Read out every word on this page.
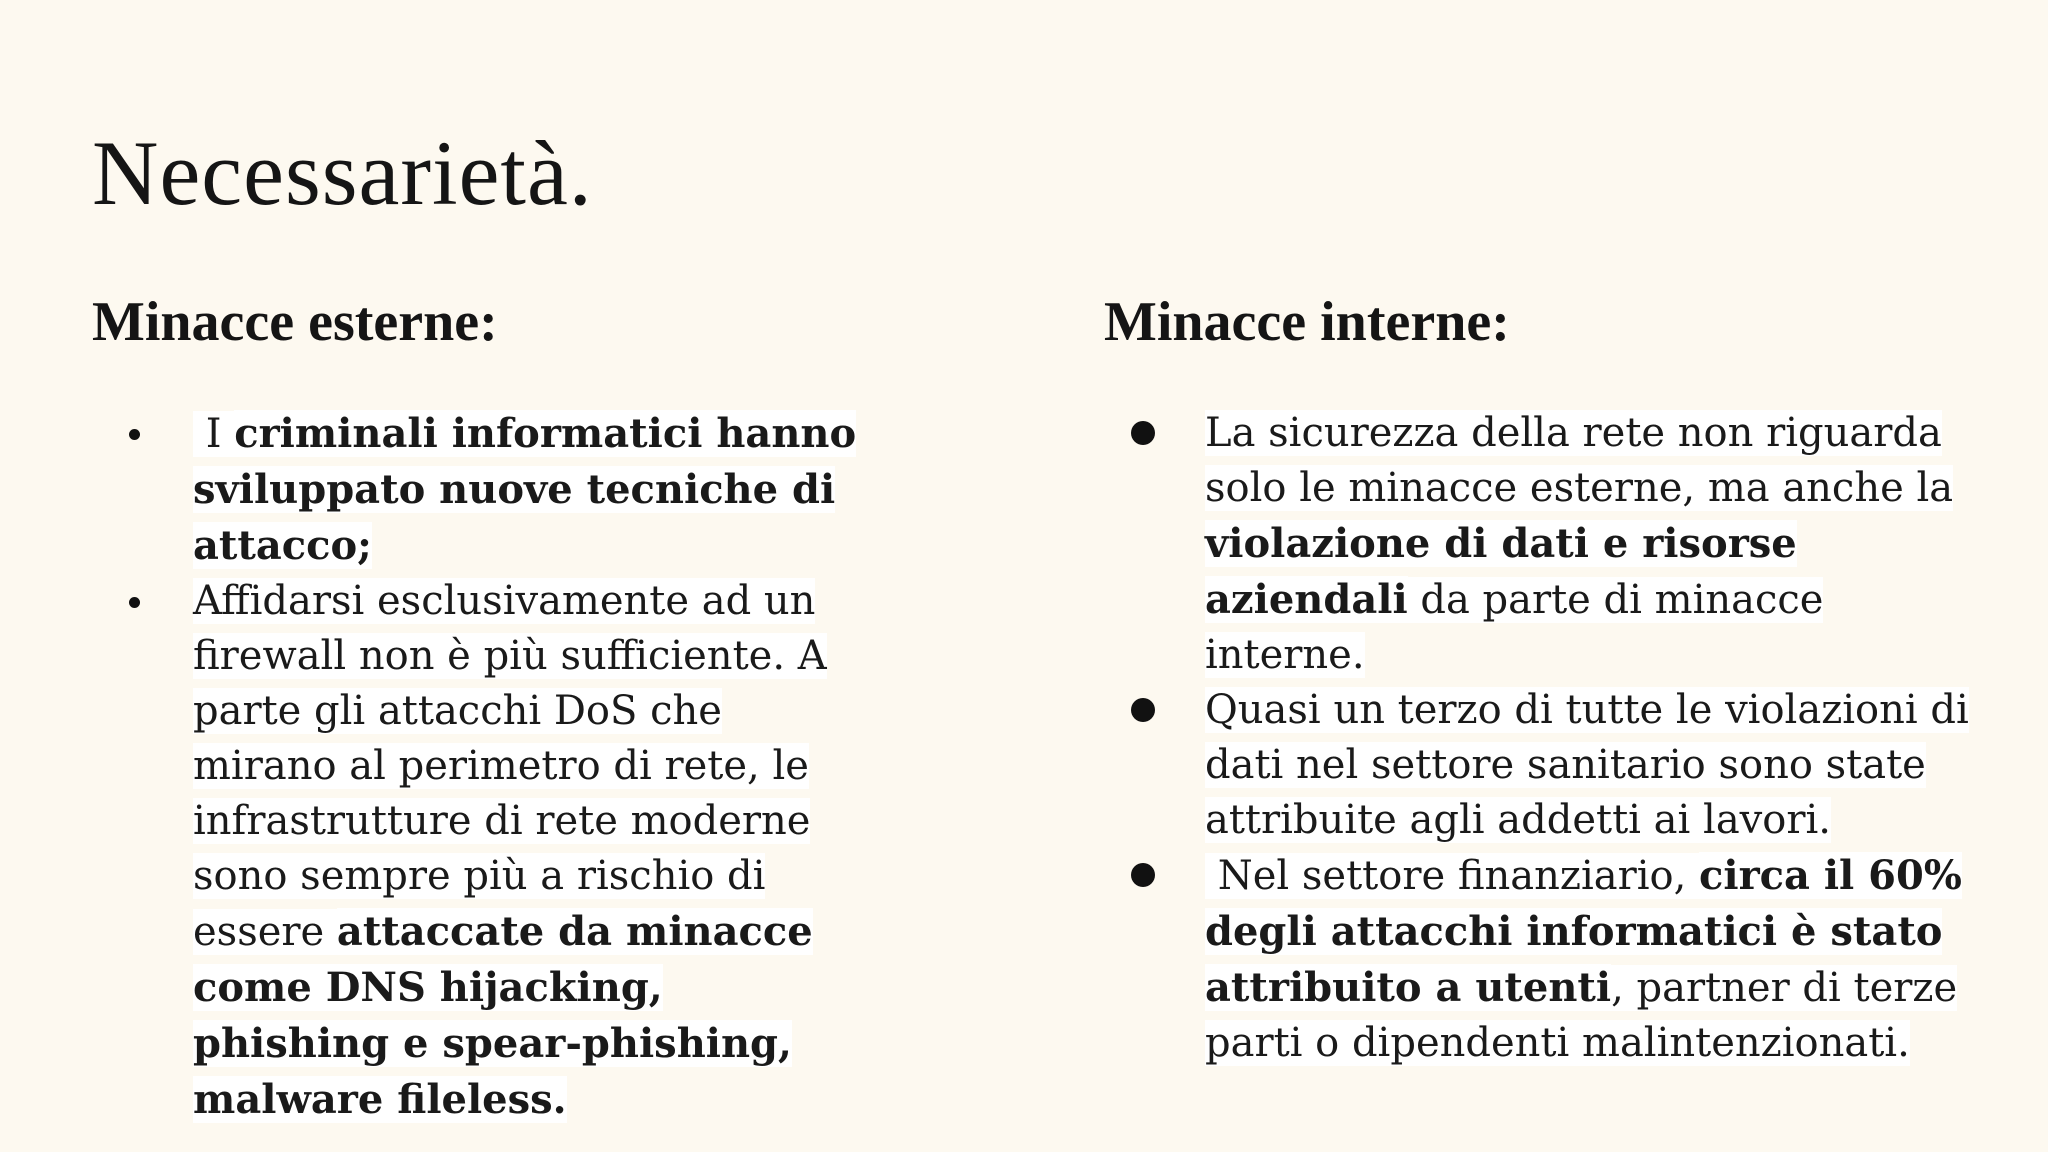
Necessarietà.
Minacce esterne:
I criminali informatici hanno sviluppato nuove tecniche di attacco;
Affidarsi esclusivamente ad un firewall non è più sufficiente. A parte gli attacchi DoS che mirano al perimetro di rete, le infrastrutture di rete moderne sono sempre più a rischio di essere attaccate da minacce come DNS hijacking, phishing e spear-phishing, malware fileless.
Minacce interne:
La sicurezza della rete non riguarda solo le minacce esterne, ma anche la violazione di dati e risorse aziendali da parte di minacce interne.
Quasi un terzo di tutte le violazioni di dati nel settore sanitario sono state attribuite agli addetti ai lavori.
Nel settore finanziario, circa il 60% degli attacchi informatici è stato attribuito a utenti, partner di terze parti o dipendenti malintenzionati.
